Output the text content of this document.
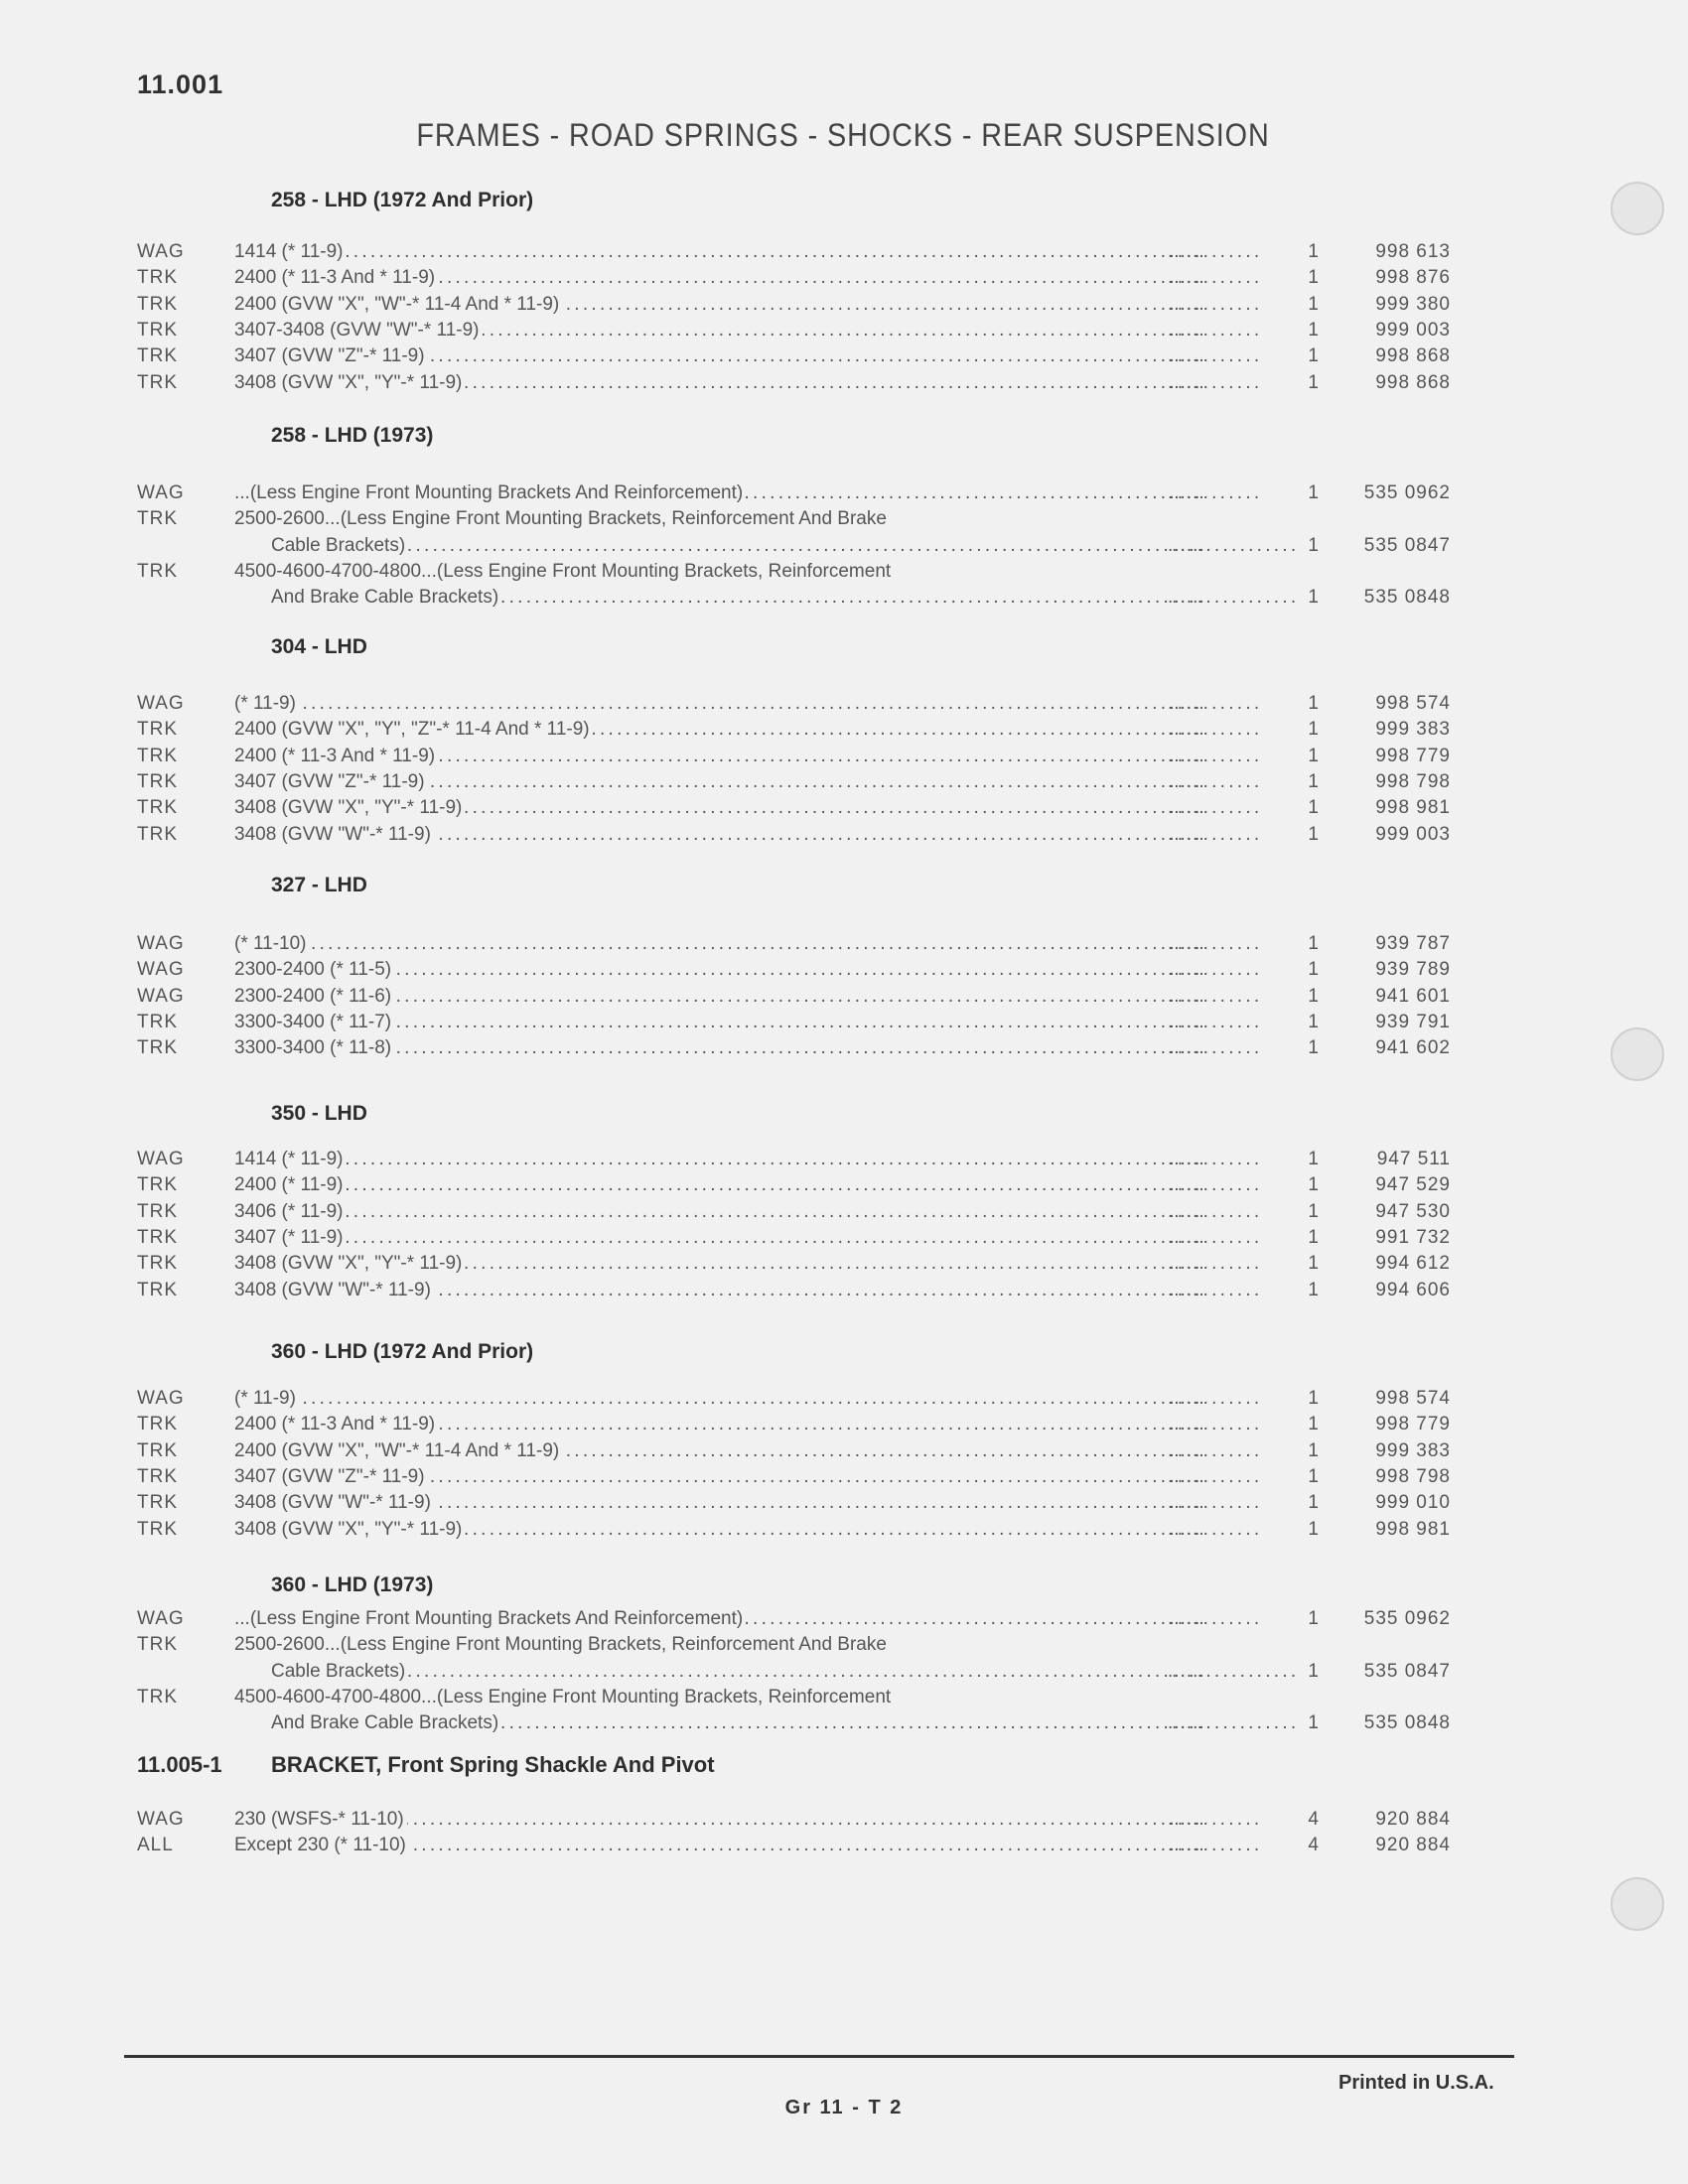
11.001
FRAMES - ROAD SPRINGS - SHOCKS - REAR SUSPENSION
258 - LHD (1972 And Prior)
WAG	1414 (* 11-9) . . .	......	1	998 613
TRK	2400 (* 11-3 And * 11-9) . . .	......	1	998 876
TRK	2400 (GVW "X", "W"-* 11-4 And * 11-9) . . .	......	1	999 380
TRK	3407-3408 (GVW "W"-* 11-9) . . .	......	1	999 003
TRK	3407 (GVW "Z"-* 11-9) . . .	......	1	998 868
TRK	3408 (GVW "X", "Y"-* 11-9) . . .	......	1	998 868
258 - LHD (1973)
WAG	...(Less Engine Front Mounting Brackets And Reinforcement) . . .	......	1	535 0962
TRK	2500-2600...(Less Engine Front Mounting Brackets, Reinforcement And Brake
Cable Brackets) . . .	......	1	535 0847
TRK	4500-4600-4700-4800...(Less Engine Front Mounting Brackets, Reinforcement
And Brake Cable Brackets) . . .	......	1	535 0848
304 - LHD
WAG	(* 11-9) . . .	......	1	998 574
TRK	2400 (GVW "X", "Y", "Z"-* 11-4 And * 11-9) . . .	......	1	999 383
TRK	2400 (* 11-3 And * 11-9) . . .	......	1	998 779
TRK	3407 (GVW "Z"-* 11-9) . . .	......	1	998 798
TRK	3408 (GVW "X", "Y"-* 11-9) . . .	......	1	998 981
TRK	3408 (GVW "W"-* 11-9) . . .	......	1	999 003
327 - LHD
WAG	(* 11-10) . . .	......	1	939 787
WAG	2300-2400 (* 11-5) . . .	......	1	939 789
WAG	2300-2400 (* 11-6) . . .	......	1	941 601
TRK	3300-3400 (* 11-7) . . .	......	1	939 791
TRK	3300-3400 (* 11-8) . . .	......	1	941 602
350 - LHD
WAG	1414 (* 11-9) . . .	......	1	947 511
TRK	2400 (* 11-9) . . .	......	1	947 529
TRK	3406 (* 11-9) . . .	......	1	947 530
TRK	3407 (* 11-9) . . .	......	1	991 732
TRK	3408 (GVW "X", "Y"-* 11-9) . . .	......	1	994 612
TRK	3408 (GVW "W"-* 11-9) . . .	......	1	994 606
360 - LHD (1972 And Prior)
WAG	(* 11-9) . . .	......	1	998 574
TRK	2400 (* 11-3 And * 11-9) . . .	......	1	998 779
TRK	2400 (GVW "X", "W"-* 11-4 And * 11-9) . . .	......	1	999 383
TRK	3407 (GVW "Z"-* 11-9) . . .	......	1	998 798
TRK	3408 (GVW "W"-* 11-9) . . .	......	1	999 010
TRK	3408 (GVW "X", "Y"-* 11-9) . . .	......	1	998 981
360 - LHD (1973)
WAG	...(Less Engine Front Mounting Brackets And Reinforcement) . . .	......	1	535 0962
TRK	2500-2600...(Less Engine Front Mounting Brackets, Reinforcement And Brake
Cable Brackets) . . .	......	1	535 0847
TRK	4500-4600-4700-4800...(Less Engine Front Mounting Brackets, Reinforcement
And Brake Cable Brackets) . . .	......	1	535 0848
11.005-1 BRACKET, Front Spring Shackle And Pivot
WAG	230 (WSFS-* 11-10) . . .	......	4	920 884
ALL	Except 230 (* 11-10) . . .	......	4	920 884
Printed in U.S.A.
Gr 11 - T 2
